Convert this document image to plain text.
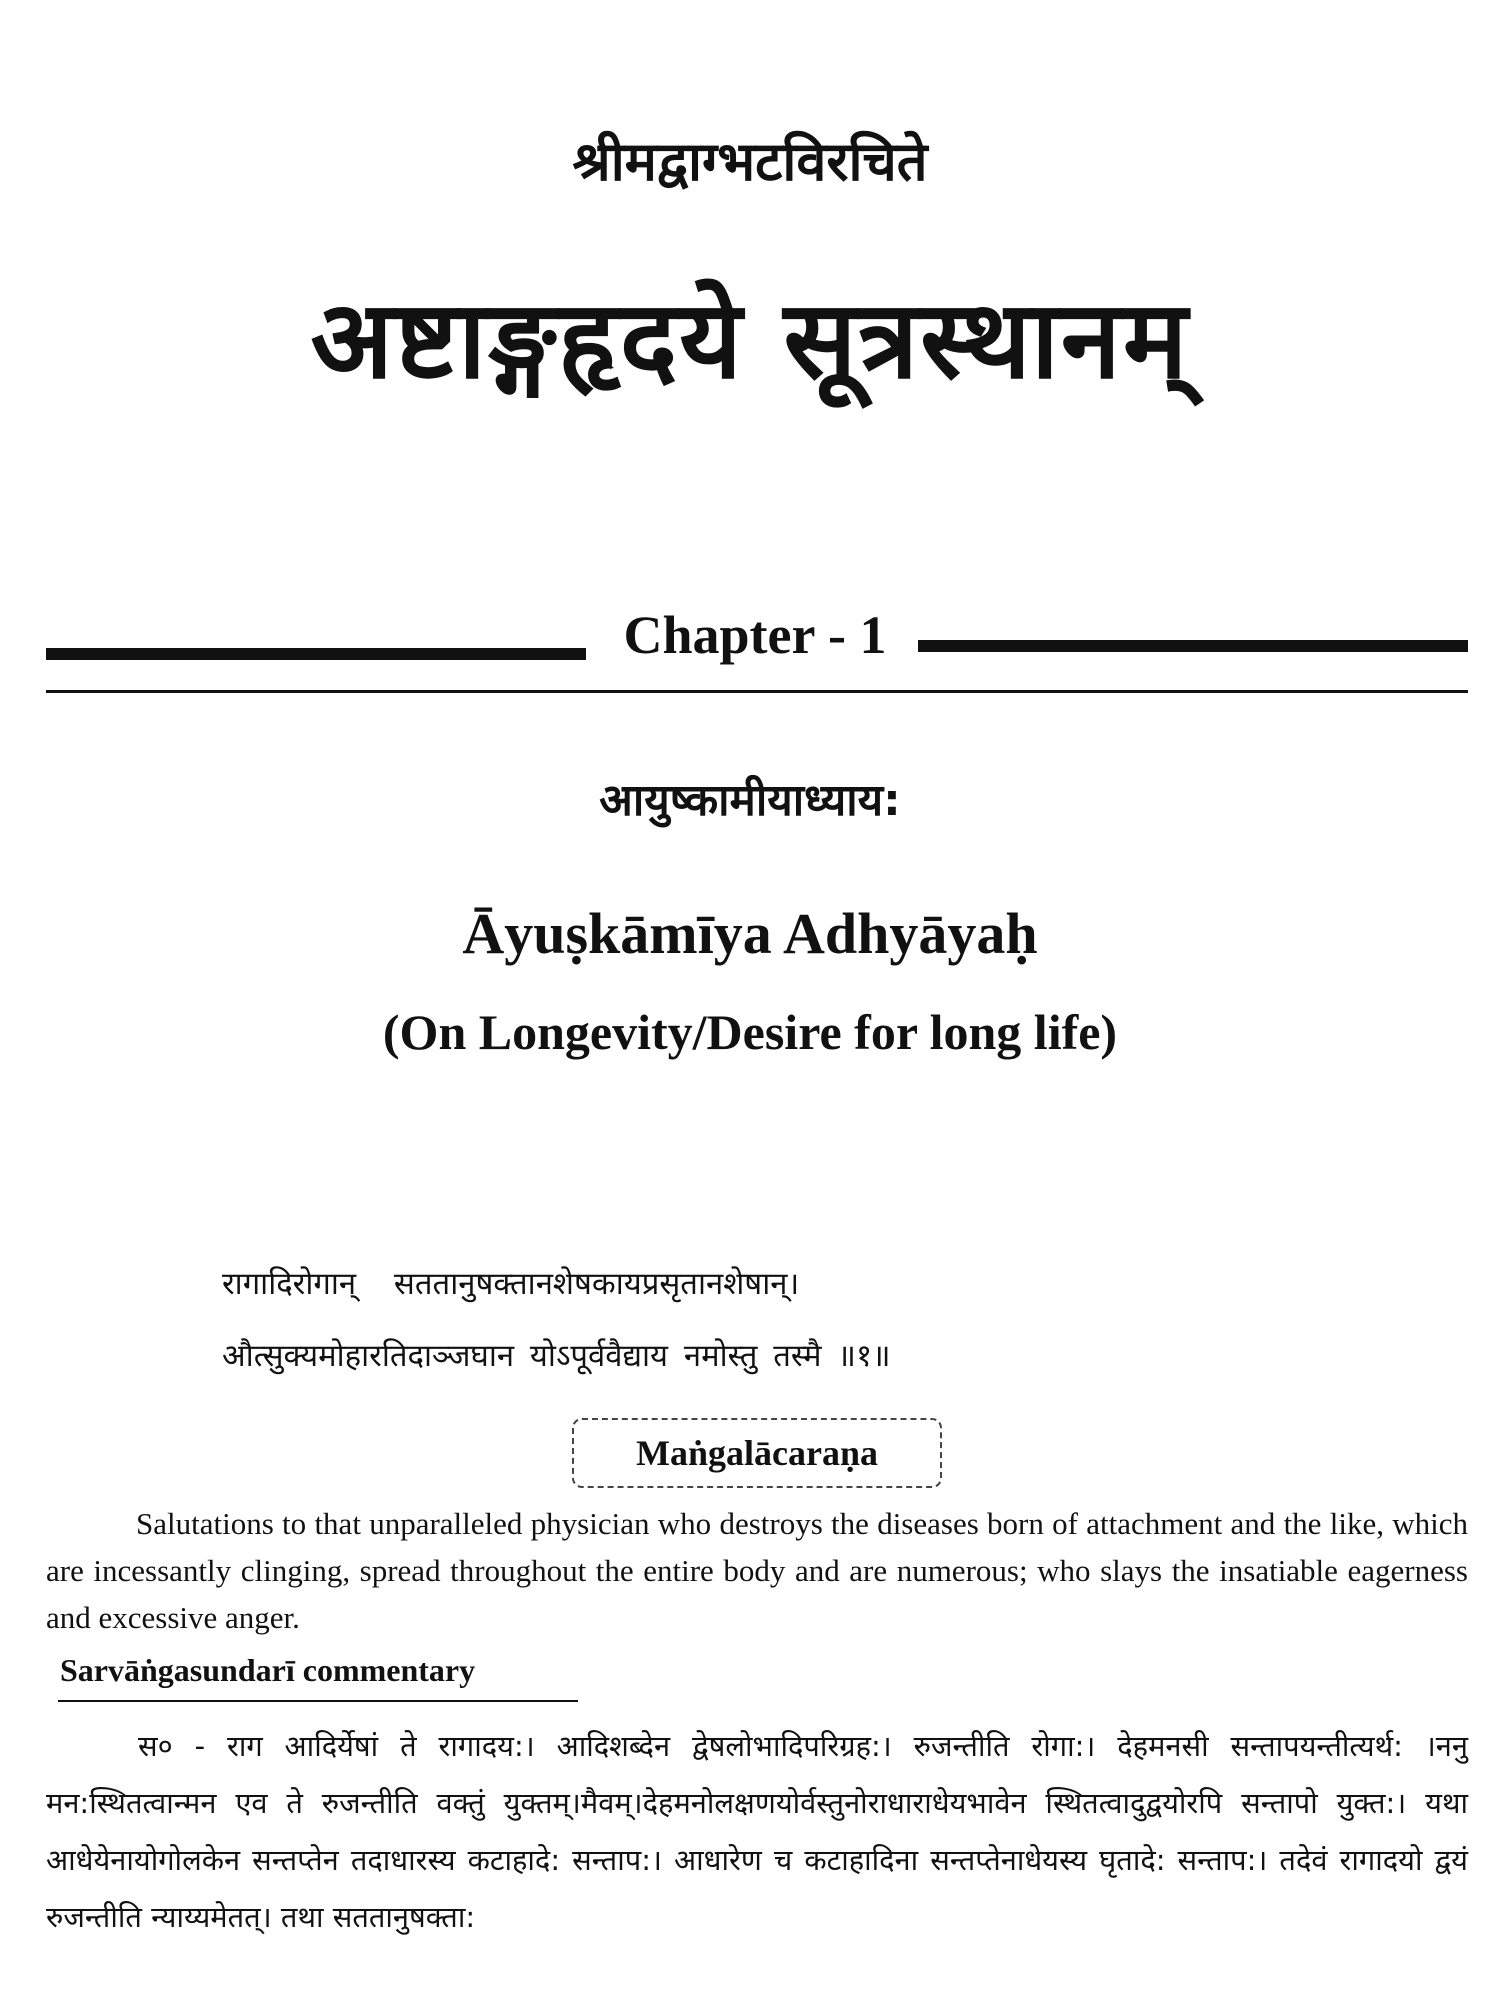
श्रीमद्वाग्भटविरचिते
अष्टाङ्गहृदये सूत्रस्थानम्
Chapter - 1
आयुष्कामीयाध्याय:
Āyuṣkāmīya Adhyāyaḥ
(On Longevity/Desire for long life)
रागादिरोगान् सततानुषक्तानशेषकायप्रसृतानशेषान्।
औत्सुक्यमोहारतिदाञ्जघान योऽपूर्ववैद्याय नमोस्तु तस्मै ॥१॥
Maṅgalācaraṇa
Salutations to that unparalleled physician who destroys the diseases born of attachment and the like, which are incessantly clinging, spread throughout the entire body and are numerous; who slays the insatiable eagerness and excessive anger.
Sarvāṅgasundarī commentary
स० - राग आदिर्येषां ते रागादय:। आदिशब्देन द्वेषलोभादिपरिग्रह:। रुजन्तीति रोगा:। देहमनसी सन्तापयन्तीत्यर्थ: ।ननु मन:स्थितत्वान्मन एव ते रुजन्तीति वक्तुं युक्तम्।मैवम्।देहमनोलक्षणयोर्वस्तुनोराधाराधेयभावेन स्थितत्वादुद्वयोरपि सन्तापो युक्त:। यथा आधेयेनायोगोलकेन सन्तप्तेन तदाधारस्य कटाहादे: सन्ताप:। आधारेण च कटाहादिना सन्तप्तेनाधेयस्य घृतादे: सन्ताप:। तदेवं रागादयो द्वयं रुजन्तीति न्याय्यमेतत्। तथा सततानुषक्ता:
